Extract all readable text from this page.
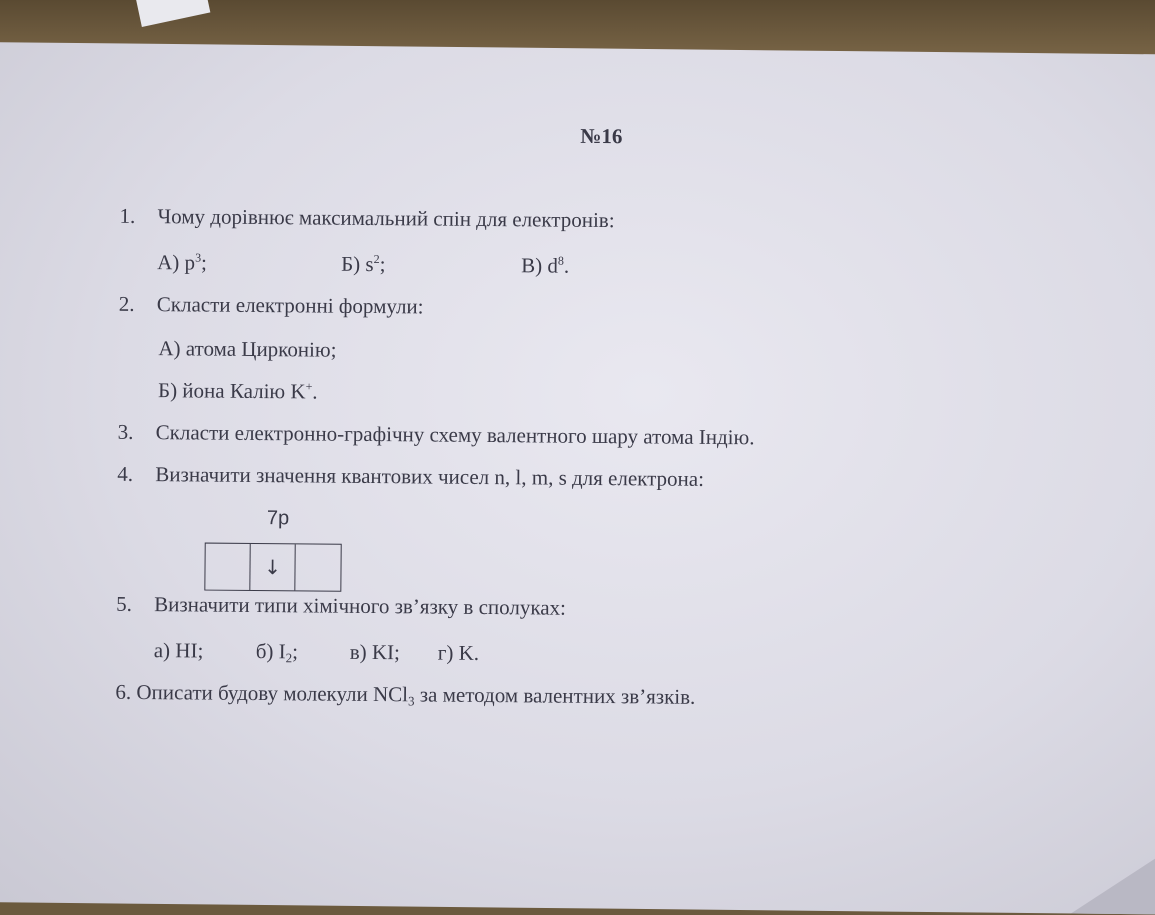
№16
1. Чому дорівнює максимальний спін для електронів:
А) $p^3$;	Б) $s^2$;	В) $d^8$.
2. Скласти електронні формули:
А) атома Цирконію;
Б) йона Калію K+.
3. Скласти електронно-графічну схему валентного шару атома Індію.
4. Визначити значення квантових чисел n, l, m, s для електрона:
7p
↓
5. Визначити типи хімічного зв’язку в сполуках:
а) HI; б) $I_2$; в) KI; г) K.
6. Описати будову молекули NCl$_3$ за методом валентних зв’язків.
